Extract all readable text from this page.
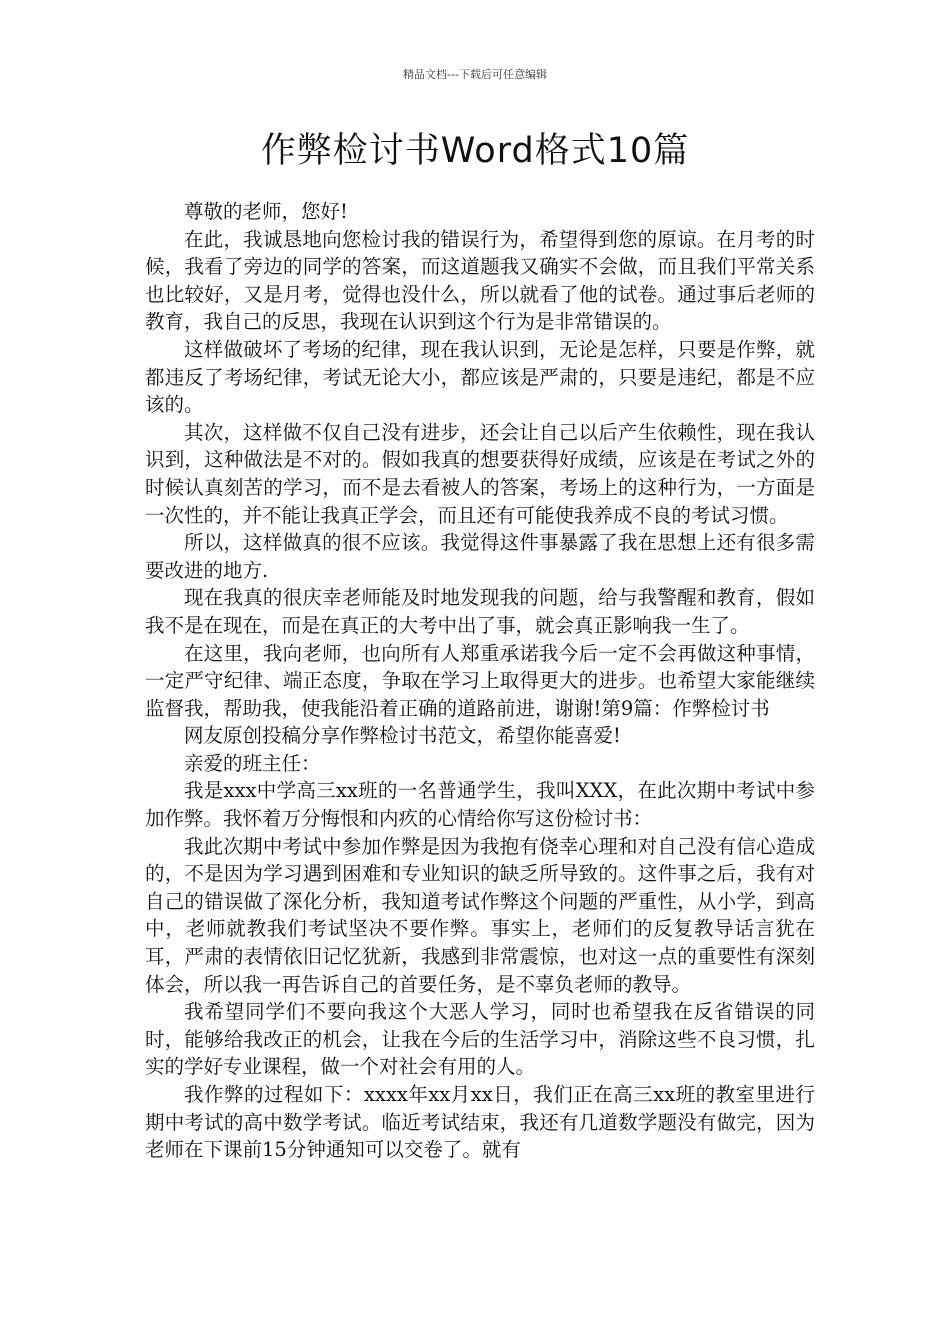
精品文档---下载后可任意编辑
作弊检讨书Word格式10篇

尊敬的老师，您好!

在此，我诚恳地向您检讨我的错误行为，希望得到您的原谅。在月考的时候，我看了旁边的同学的答案，而这道题我又确实不会做，而且我们平常关系也比较好，又是月考，觉得也没什么，所以就看了他的试卷。通过事后老师的教育，我自己的反思，我现在认识到这个行为是非常错误的。

这样做破坏了考场的纪律，现在我认识到，无论是怎样，只要是作弊，就都违反了考场纪律，考试无论大小，都应该是严肃的，只要是违纪，都是不应该的。

其次，这样做不仅自己没有进步，还会让自己以后产生依赖性，现在我认识到，这种做法是不对的。假如我真的想要获得好成绩，应该是在考试之外的时候认真刻苦的学习，而不是去看被人的答案，考场上的这种行为，一方面是一次性的，并不能让我真正学会，而且还有可能使我养成不良的考试习惯。

所以，这样做真的很不应该。我觉得这件事暴露了我在思想上还有很多需要改进的地方.

现在我真的很庆幸老师能及时地发现我的问题，给与我警醒和教育，假如我不是在现在，而是在真正的大考中出了事，就会真正影响我一生了。

在这里，我向老师，也向所有人郑重承诺我今后一定不会再做这种事情，一定严守纪律、端正态度，争取在学习上取得更大的进步。也希望大家能继续监督我，帮助我，使我能沿着正确的道路前进，谢谢!第9篇：作弊检讨书

网友原创投稿分享作弊检讨书范文，希望你能喜爱!

亲爱的班主任：

我是xxx中学高三xx班的一名普通学生，我叫XXX，在此次期中考试中参加作弊。我怀着万分悔恨和内疚的心情给你写这份检讨书：

我此次期中考试中参加作弊是因为我抱有侥幸心理和对自己没有信心造成的，不是因为学习遇到困难和专业知识的缺乏所导致的。这件事之后，我有对自己的错误做了深化分析，我知道考试作弊这个问题的严重性，从小学，到高中，老师就教我们考试坚决不要作弊。事实上，老师们的反复教导话言犹在耳，严肃的表情依旧记忆犹新，我感到非常震惊，也对这一点的重要性有深刻体会，所以我一再告诉自己的首要任务，是不辜负老师的教导。

我希望同学们不要向我这个大恶人学习，同时也希望我在反省错误的同时，能够给我改正的机会，让我在今后的生活学习中，消除这些不良习惯，扎实的学好专业课程，做一个对社会有用的人。

我作弊的过程如下：xxxx年xx月xx日，我们正在高三xx班的教室里进行期中考试的高中数学考试。临近考试结束，我还有几道数学题没有做完，因为老师在下课前15分钟通知可以交卷了。就有
